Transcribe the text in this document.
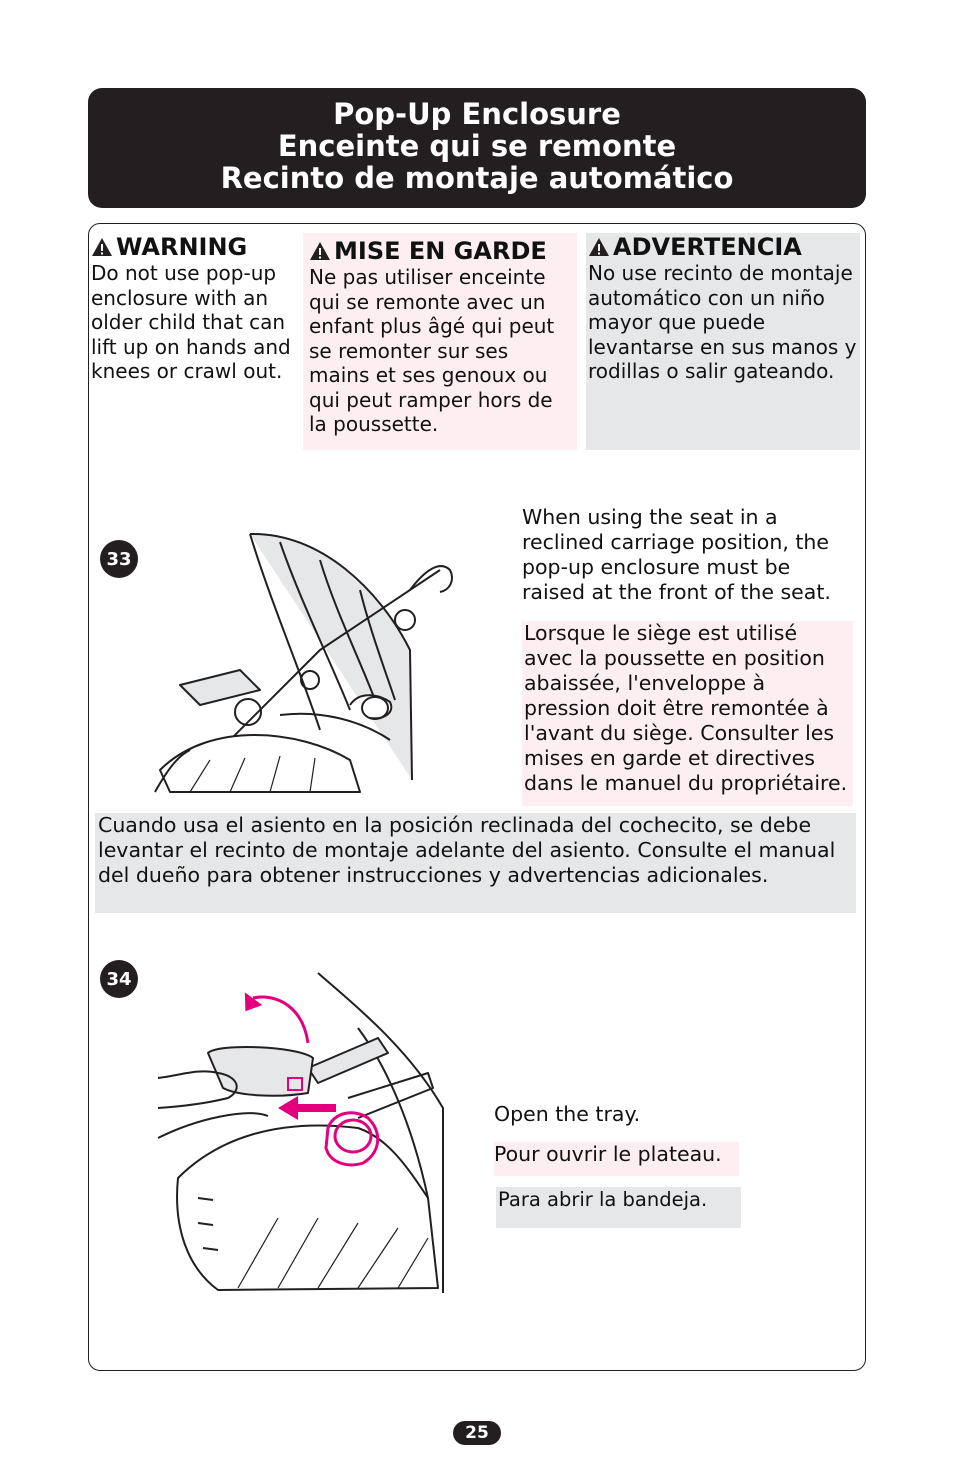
Pop-Up Enclosure
Enceinte qui se remonte
Recinto de montaje automático
WARNING
Do not use pop-up enclosure with an older child that can lift up on hands and knees or crawl out.
MISE EN GARDE
Ne pas utiliser enceinte qui se remonte avec un enfant plus âgé qui peut se remonter sur ses mains et ses genoux ou qui peut ramper hors de la poussette.
ADVERTENCIA
No use recinto de montaje automático con un niño mayor que puede levantarse en sus manos y rodillas o salir gateando.
33
When using the seat in a reclined carriage position, the pop-up enclosure must be raised at the front of the seat.
Lorsque le siège est utilisé avec la poussette en position abaissée, l'enveloppe à pression doit être remontée à l'avant du siège. Consulter les mises en garde et directives dans le manuel du propriétaire.
Cuando usa el asiento en la posición reclinada del cochecito, se debe levantar el recinto de montaje adelante del asiento. Consulte el manual del dueño para obtener instrucciones y advertencias adicionales.
34
Open the tray.
Pour ouvrir le plateau.
Para abrir la bandeja.
25
